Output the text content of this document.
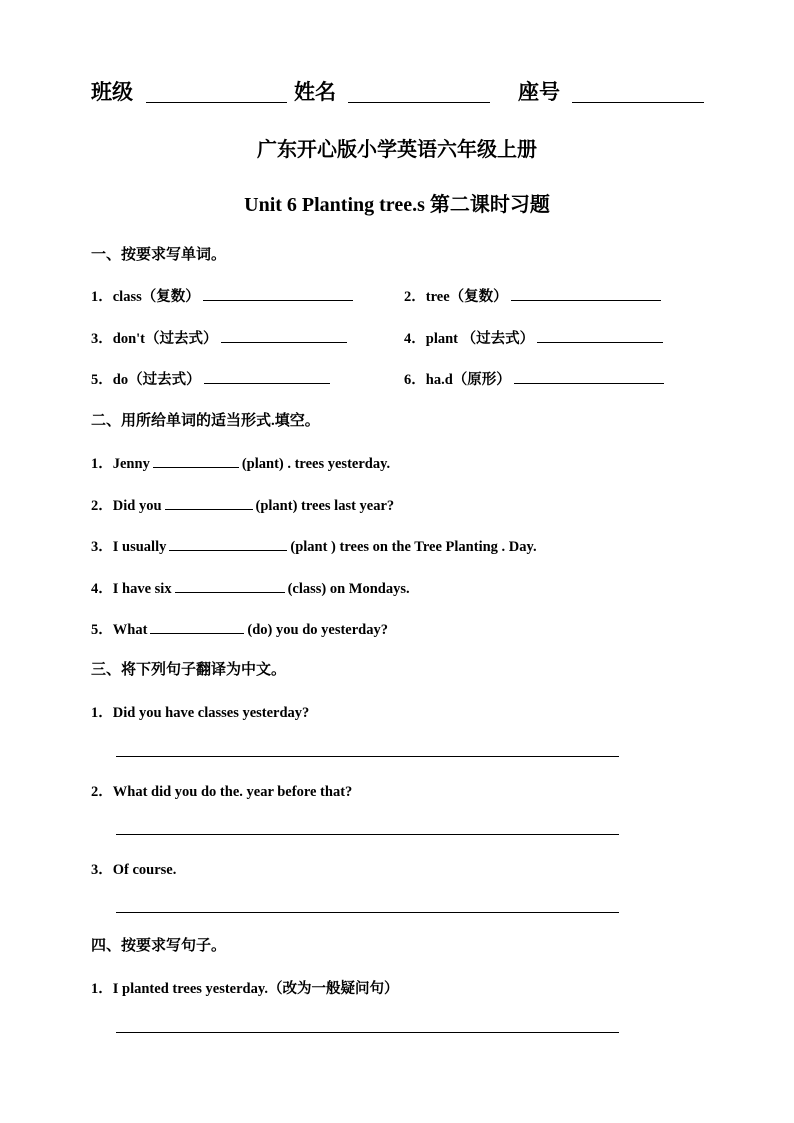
班级	姓名	座号
广东开心版小学英语六年级上册
Unit 6 Planting tree.s 第二课时习题
一、按要求写单词。
1．class（复数）	2．tree（复数）
3．don't（过去式）	4．plant （过去式）
5．do（过去式）	6．ha.d（原形）
二、用所给单词的适当形式.填空。
1．Jenny	(plant) . trees yesterday.
2．Did you	(plant) trees last year?
3．I usually	(plant ) trees on the Tree Planting . Day.
4．I have six	(class) on Mondays.
5．What	(do) you do yesterday?
三、将下列句子翻译为中文。
1．Did you have classes yesterday?
2．What did you do the. year before that?
3．Of course.
四、按要求写句子。
1．I planted trees yesterday.（改为一般疑问句）
